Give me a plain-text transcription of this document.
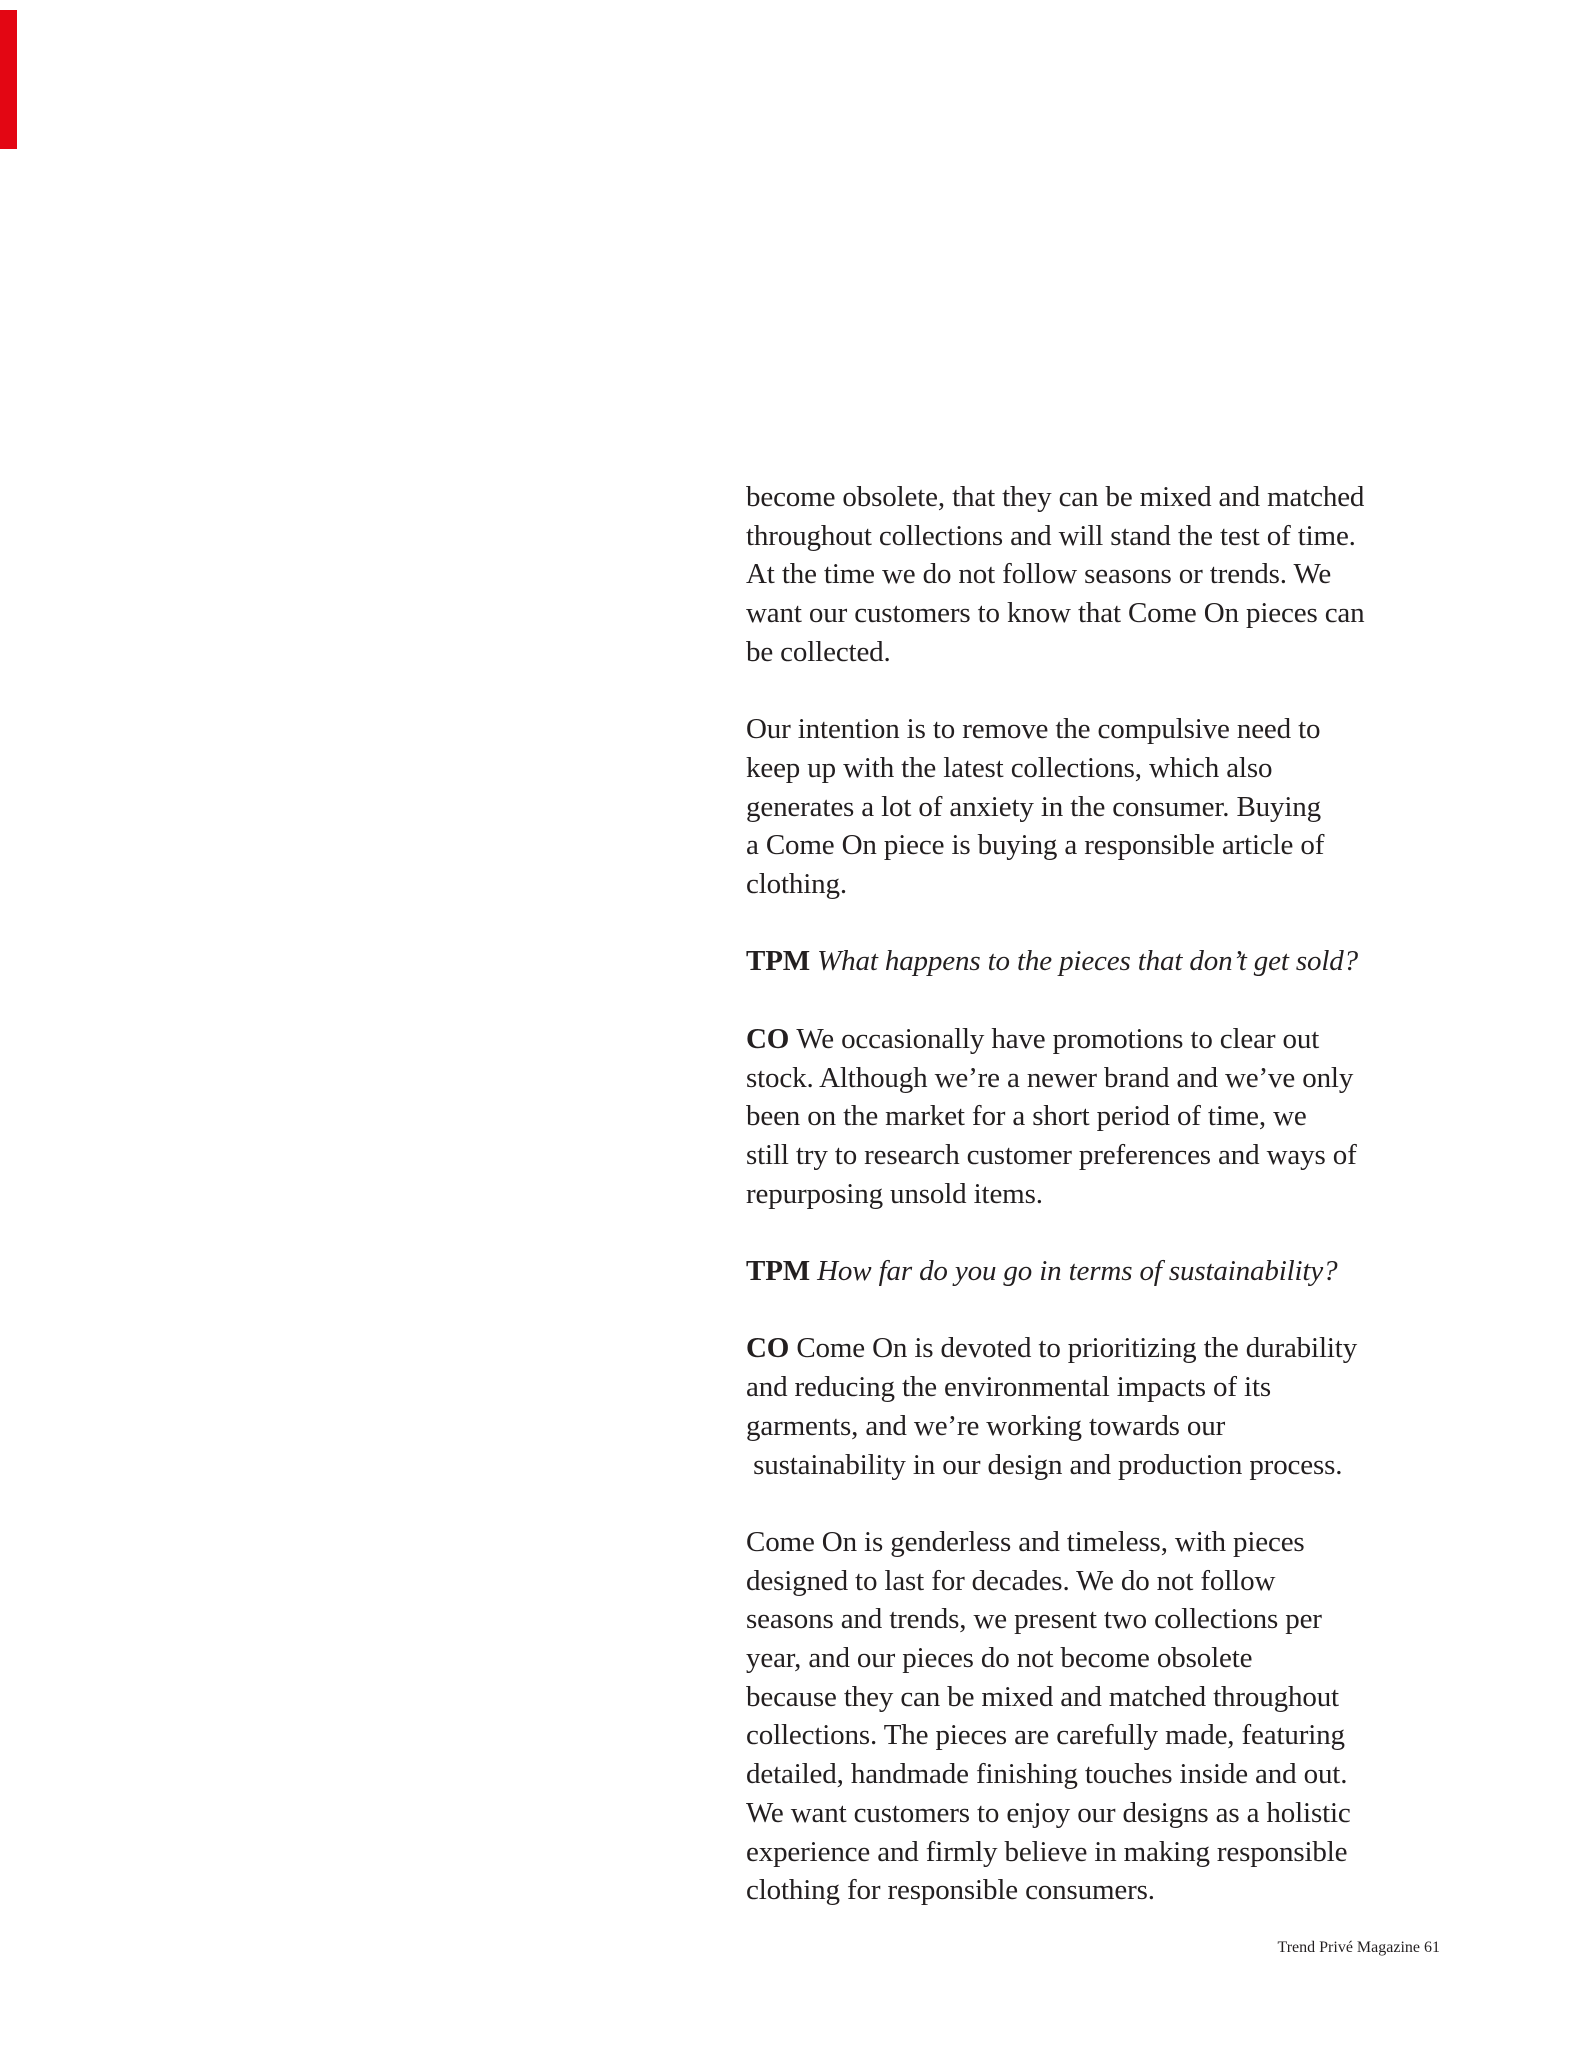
become obsolete, that they can be mixed and matched
throughout collections and will stand the test of time.
At the time we do not follow seasons or trends. We
want our customers to know that Come On pieces can
be collected.

Our intention is to remove the compulsive need to
keep up with the latest collections, which also
generates a lot of anxiety in the consumer. Buying
a Come On piece is buying a responsible article of
clothing.

TPM What happens to the pieces that don’t get sold?

CO We occasionally have promotions to clear out
stock. Although we’re a newer brand and we’ve only
been on the market for a short period of time, we
still try to research customer preferences and ways of
repurposing unsold items.

TPM How far do you go in terms of sustainability?

CO Come On is devoted to prioritizing the durability
and reducing the environmental impacts of its
garments, and we’re working towards our
sustainability in our design and production process.

Come On is genderless and timeless, with pieces
designed to last for decades. We do not follow
seasons and trends, we present two collections per
year, and our pieces do not become obsolete
because they can be mixed and matched throughout
collections. The pieces are carefully made, featuring
detailed, handmade finishing touches inside and out.
We want customers to enjoy our designs as a holistic
experience and firmly believe in making responsible
clothing for responsible consumers.

Trend Privé Magazine 61
